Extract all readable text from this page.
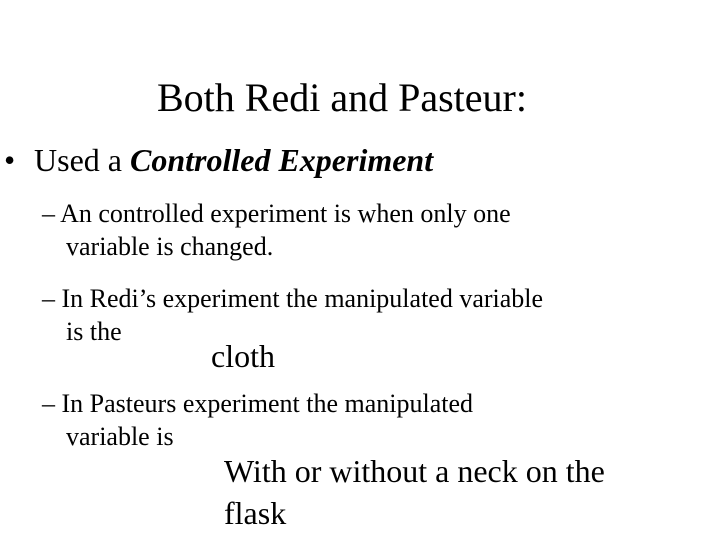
Both Redi and Pasteur:
• Used a Controlled Experiment
– An controlled experiment is when only one
variable is changed.
– In Redi’s experiment the manipulated variable
is the
cloth
– In Pasteurs experiment the manipulated
variable is
With or without a neck on the
flask
